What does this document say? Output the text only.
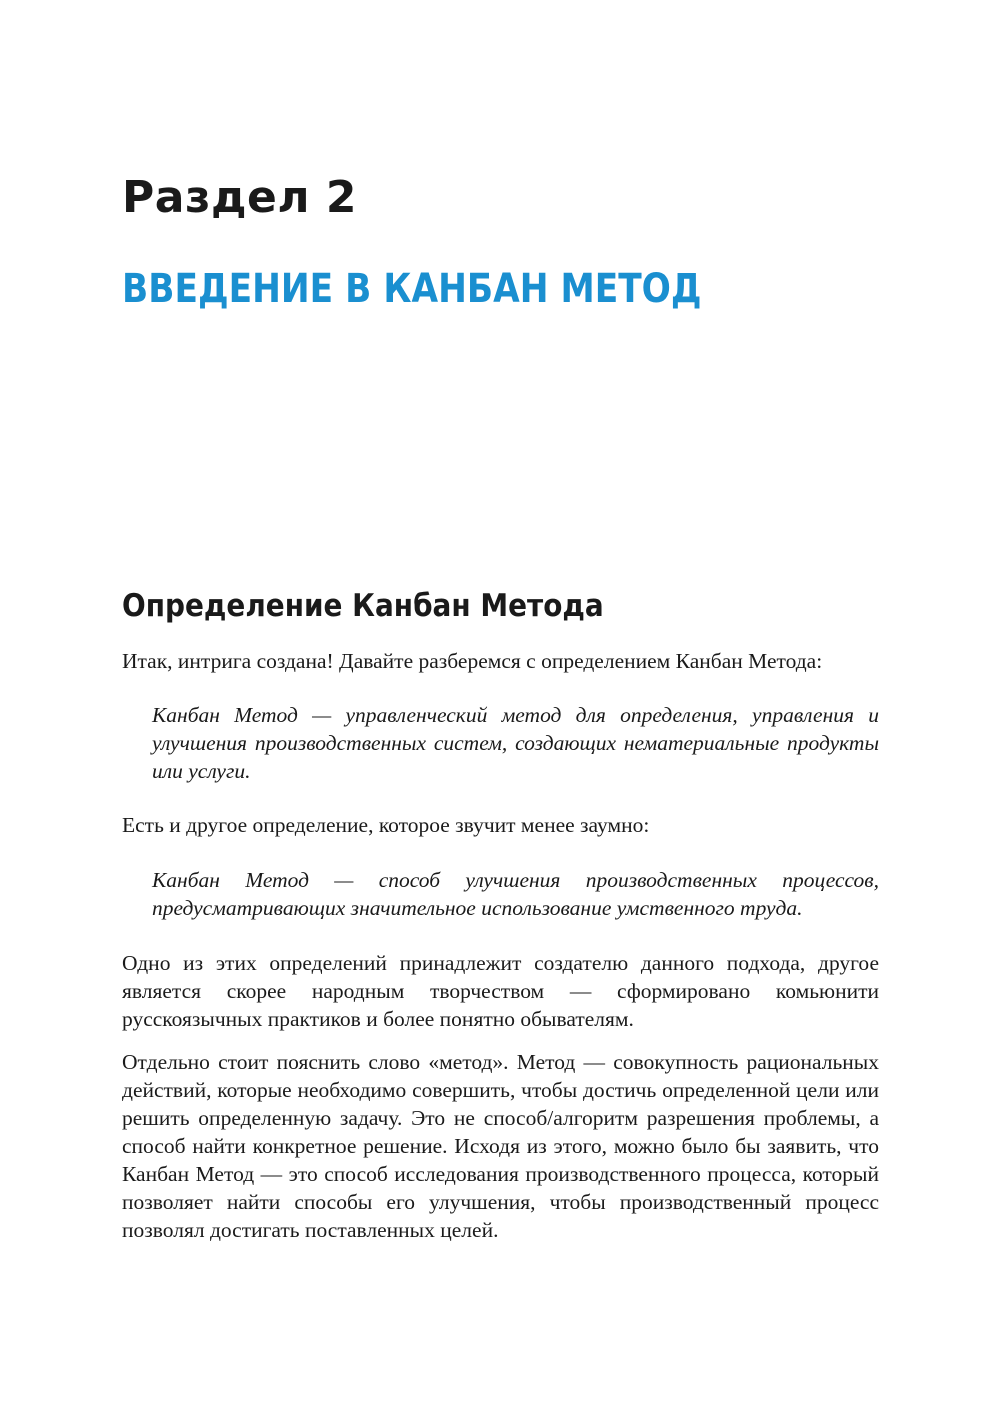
Раздел 2
ВВЕДЕНИЕ В КАНБАН МЕТОД
Определение Канбан Метода

Итак, интрига создана! Давайте разберемся с определением Канбан Метода:

Канбан Метод — управленческий метод для определения, управления и улучшения производственных систем, создающих нематериальные продукты или услуги.

Есть и другое определение, которое звучит менее заумно:

Канбан Метод — способ улучшения производственных процессов, предусматривающих значительное использование умственного труда.

Одно из этих определений принадлежит создателю данного подхода, другое является скорее народным творчеством — сформировано комьюнити русскоязычных практиков и более понятно обывателям.

Отдельно стоит пояснить слово «метод». Метод — совокупность рациональных действий, которые необходимо совершить, чтобы достичь определенной цели или решить определенную задачу. Это не способ/алгоритм разрешения проблемы, а способ найти конкретное решение. Исходя из этого, можно было бы заявить, что Канбан Метод — это способ исследования производственного процесса, который позволяет найти способы его улучшения, чтобы производственный процесс позволял достигать поставленных целей.
